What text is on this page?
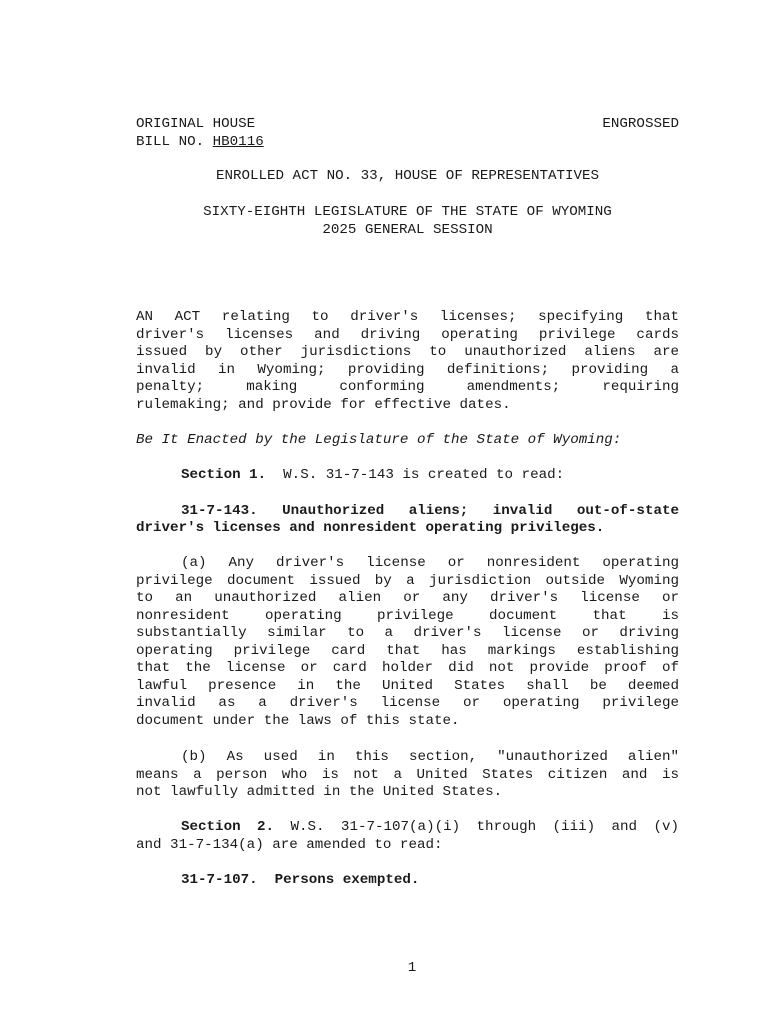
ORIGINAL HOUSE
BILL NO. HB0116
ENGROSSED
ENROLLED ACT NO. 33, HOUSE OF REPRESENTATIVES
SIXTY-EIGHTH LEGISLATURE OF THE STATE OF WYOMING
2025 GENERAL SESSION
AN ACT relating to driver's licenses; specifying that
driver's licenses and driving operating privilege cards
issued by other jurisdictions to unauthorized aliens are
invalid in Wyoming; providing definitions; providing a
penalty; making conforming amendments; requiring
rulemaking; and provide for effective dates.
Be It Enacted by the Legislature of the State of Wyoming:
Section 1. W.S. 31-7-143 is created to read:
31-7-143. Unauthorized aliens; invalid out-of-state
driver's licenses and nonresident operating privileges.
(a) Any driver's license or nonresident operating
privilege document issued by a jurisdiction outside Wyoming
to an unauthorized alien or any driver's license or
nonresident operating privilege document that is
substantially similar to a driver's license or driving
operating privilege card that has markings establishing
that the license or card holder did not provide proof of
lawful presence in the United States shall be deemed
invalid as a driver's license or operating privilege
document under the laws of this state.
(b) As used in this section, "unauthorized alien"
means a person who is not a United States citizen and is
not lawfully admitted in the United States.
Section 2. W.S. 31-7-107(a)(i) through (iii) and (v)
and 31-7-134(a) are amended to read:
31-7-107. Persons exempted.
1
